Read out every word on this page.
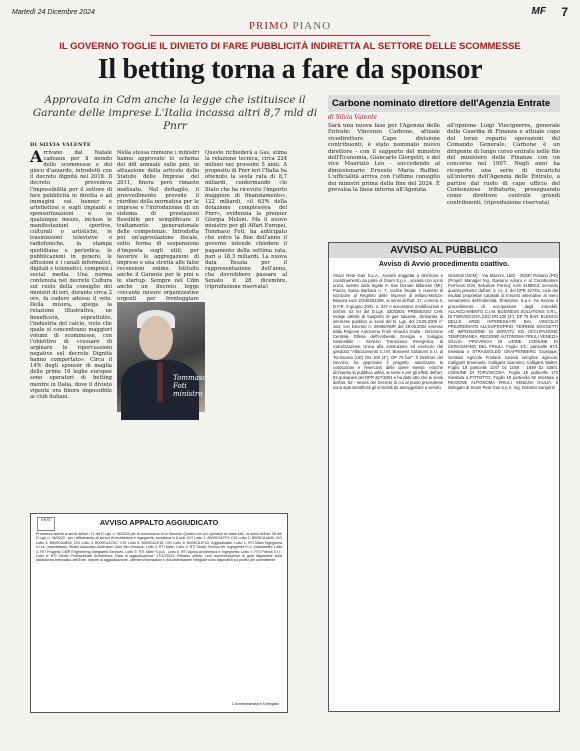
Martedì 24 Dicembre 2024	MF 7
PRIMO PIANO
IL GOVERNO TOGLIE IL DIVIETO DI FARE PUBBLICITÀ INDIRETTA AL SETTORE DELLE SCOMMESSE
Il betting torna a fare da sponsor
Approvata in Cdm anche la legge che istituisce il Garante delle imprese L'Italia incassa altri 8,7 mld di Pnrr
DI SILVIA VALENTE
A rrivano dal Natale cadeaux per il mondo delle scommesse e del gioco d'azzardo, introdotti con il decreto dignità nel 2018. Il decreto prevedeva l'impossibilità per il settore di fare pubblicità in diretta o ad immagini sui banner e artefiottosi e sugli impianti e sponsorizzazioni e su qualunque mezzo, incluse le manifestazioni sportive, culturali o artistiche, le trasmissioni televisive o radiofoniche, la stampa quotidiana e periodica, le pubblicazioni in genere, le affissioni e i canali informatici, digitali e telematici, compresi i social media. Una norma contenuta nel decreto Cultura sul ruolo della consiglio dei ministri di ieri, durante circa 2 ore, fa cadere adesso il veto. Della misura, spiega la relazione illustrativa, ne beneficerà, soprattutto, l'industria del calcio, visto che quale si concentrano maggiori volumi di scommesse, con l'obiettivo di «cessare di arginare le ripercussioni negative sul decreto Dignità hanno comportato». Circa il 14% degli sponsor di maglia delle prime 10 leghe europee sono operatori di betting mentre in Italia, dove il divieto vigente era finora impossibile ai club italiani.
Nella stessa riunione i ministri hanno approvato lo schema del ddl annuale sulle pmi, in attuazione della articolo dello Statuto delle Imprese del 2011, finora però rimasto inattuato. Nel dettaglio, il provvedimento prevede il riordino della normativa per le imprese e l'introduzione di un sistema di prestazioni flessibile per semplificare il trattamento generazionale delle competenze. Introdotta poi un'agevolazione fiscale, sotto forma di sospensione d'imposta sugli utili, per favorire le aggregazioni di imprese e una stretta alle false recensioni online. Istituito anche il Garante per le pmi e le startup. Sempre nel Cdm anche un decreto legge «recante misure organizzative urgenti per fronteggiare
Questo richiederà a Gas, stima la relazione tecnica, circa 224 milioni nei prossimi 5 anni. A proposito di Pnrr ieri l'Italia ha ottenuto la sesta rata di 8,7 miliardi, confermando «lo Stato che ha ricevuto l'importo maggiore di finanziamento», 122 miliardi, «il 63% della dotazione complessiva del Pnrr», evidenzia la premier Giorgia Meloni. Ma il nuovo ministro per gli Affari Europei, Tommaso Foti, ha anticipato che entro la fine dell'anno il governo intende chiedere il pagamento della settima rata, pari a 18,3 miliardi. La nuova data fissata per il rappresentazione dell'anno, che dovrebbero passare al Senato il 28 dicembre. (riproduzione riservata)
Tommaso Foti ministro
Carbone nominato direttore dell'Agenzia Entrate
di Silvia Valente
Sarà una nuova fase per l'Agenzia delle Entrate: Vincenzo Carbone, attuale vicedirettore Capo divisione contribuenti, è stato nominato nuovo direttore - con il supporto del ministro dell'Economia, Giancarlo Giorgetti, e del vice Maurizio Leo - succedendo al dimissionario Ernesto Maria Ruffini. L'ufficialità arriva con l'ultimo consiglio dei ministri prima della fine del 2024. È prevalsa la linea interna all'Agenzia
all'opzione Luigi Vincignerra, generale della Guardia di Finanza e attuale capo del terzo reparto operazioni del Comando Generale. Carbone è un dirigente di lungo corso entrato nelle file del ministero delle Finanze con un concorso nel 1997. Negli anni ha ricoperto una serie di incarichi all'interno dell'Agenzia delle Entrate, a partire dal ruolo di capo ufficio del Contenzioso tributario, proseguendo come direttore centrale grandi contribuenti. (riproduzione riservata)
AVVISO AL PUBBLICO
Avviso di Avvio procedimento coattivo.
Snam Rete Gas S.p.A., società soggetta a direzione e coordinamento da parte di Snam S.p.A., società con socio unico, avente sede legale in San Donato Milanese (MI), Piazza Santa Barbara n. 7, codice fiscale e numero di iscrizione al Registro delle Imprese di Milano-Monza-Brianza-Lodi 10238291008, ai sensi dell'art. 17, comma 2, D.P.R. 8 giugno 2001, n. 327 e successive modificazioni e dell'art. 52 ter del D.Lgs. 330/2004, PREMESSO CHE svolge attività di trasporto di gas naturale, dichiarata di interesse pubblico ai sensi del D. Lgs. del 23.05.2000 n° 164; con Decreto n. 29490/AMR del 29.06.2024 emesso dalla Regione Autonoma Friuli Venezia Giulia - Direzione Centrale Difesa dell'Ambiente Energia e Sviluppo Sostenibile - Servizio Transizione Energetica, di Autorizzazione Unica alla costruzione ed esercizio del gasdotto "Allacciamento C.I.M. Business Solutions S.r.l. di Torviscosa (UD) DN 100 (4"), DP 75 bar". Il Direttore del Servizio, ha approvato il progetto, autorizzato la costruzione e l'esercizio delle opere stesse, nonché dichiarato la pubblica utilità, ai sensi e per gli effetti dell'art. 52-quinquies del DPR 327/2001 e ha dato atto che ai sensi dell'art. 52 - sexies del Decreto di cui al punto precedente sono stati identificati gli immobili da assoggettare a servitù.
Orientali (NCM) - Via Mazzini, 16/D - 35030 Rubano (PD) (Project Manager Ing. Gaetano Amaro e al Coordinatore Ferrocesi Dott. Salvatore Porzio); Arch 4188913; secondo quanto previsto dall'art. 3, co. 3, del DPR 327/01, ciclo dei risultati proprietari catastali di trovano alternative al mero versamento dell'indennità, Enterprise S.p.A. ha avviato il procedimento di occupazione degli immobili. ALLACCIAMENTO C.I.M. BUSINESS SOLUTIONS S.R.L. DI TORVISCOSA (UD) DN 100 (4"), DP 75 BAR. ELENCO DELLE AREE INTERESSATE DAL VINCOLO PREORDINATO ALL'ESPROPRIO. TERRENI SOGGETTI AD IMPOSIZIONE DI SERVITÙ ED OCCUPAZIONE TEMPORANEA. REGIONE AUTONOMA FRIULI VENEZIA GIULIA. PROVINCIA DI UDINE. COMUNE DI CERVIGNANO DEL FRIULI. Foglio 4/C: particelle 97/1 Intestata a STRASSOLDO GRAFFENBERG Giuseppe; Gestioni Agricole Friulane società semplice agricola; Calligaris Emanuela; Calligaris Giacomo; Calligaris Walter. Foglio 18 particelle 1047 bz 1049 - 1849 bz 439/3. COMUNE DI TORVISCOSA. Foglio 18 particelle 173 Intestata a PITTOTTO; Foglio 19 particella 92 Intestata a REGIONE AUTONOMA FRIULI VENEZIA GIULIA. Il Delegato di Snam Rete Gas S.p.A. Ing. Roberto Sangenti
ENTE	AVVISO APPALTO AGGIUDICATO
Procedura aperta ai sensi dell'art. 71 del D.Lgs. n. 36/2023 per la conclusione di un Accordo Quadro con più operatori su base lotti - ai sensi dell'art. 59 del D.Lgs. n. 36/2023 - per l'affidamento di servizi di architettura e ingegneria, suddivisa in 8 lotti. CIG Lotto 1: B009C91FF9; CIG Lotto 2: B009CA1A06; CIG Lotto 3: B009CA1B03; CIG Lotto 4: B009CA1C0C; CIG Lotto 5: B009CA1E15; CIG Lotto 6: B009CA1F1D. Aggiudicatari: Lotto 1: RTI Milan Ingegneria s.r.l.s. (mandataria), Studio Associato Ascension Gian Vito Grussus; Lotto 2: RTI Milan, Lotto 3: RTI Studio Tecnico Mt. Ingegneria S.r.l. (mandante); Lotto 4: RTI Progetto CMR Engineering Integrated Services; Lotto 5: RTI Altieri S.p.A.; Lotto 6: RTI Alpina Architettura e Ingegneria; Lotto 7: RTI Prisma S.r.l.; Lotto 8: RTI Studio Professionale Architettura. Data di aggiudicazione: 17/12/2024. Ribasso offerto: vedi documentazione di gara disponibile sulla piattaforma telematica dell'Ente. Importi di aggiudicazione, ulteriori informazioni e documentazione integrale sono disponibili sul profilo del committente.
L'Amministratore Delegato
